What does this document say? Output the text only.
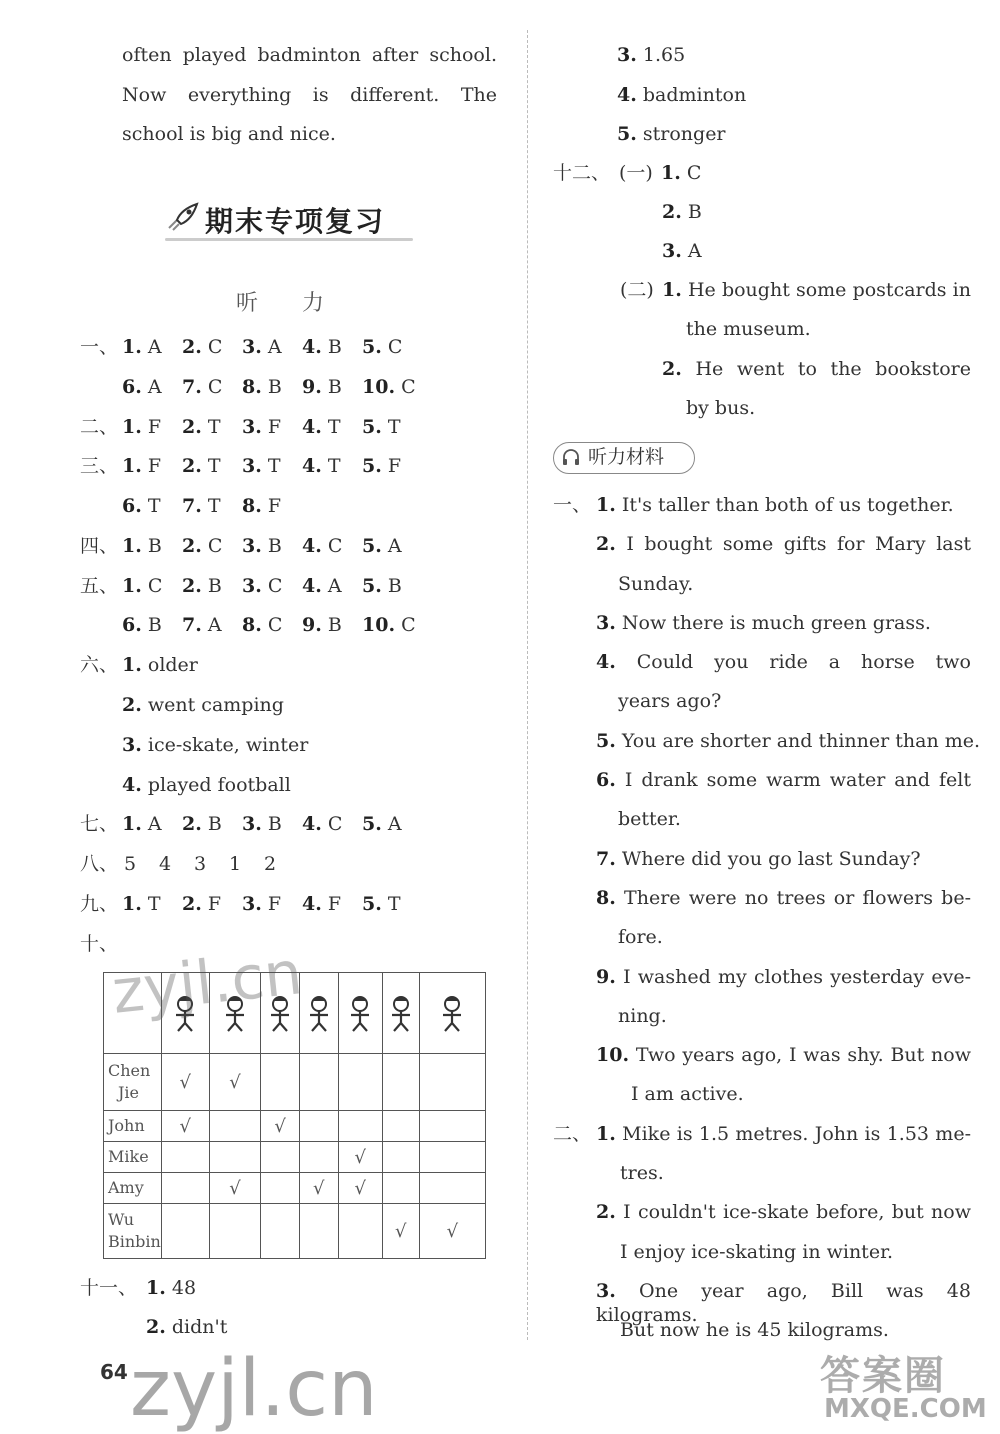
often played badminton after school.
Now everything is different. The
school is big and nice.
一、 1. A 2. C 3. A 4. B 5. C
6. A 7. C 8. B 9. B 10. C
二、 1. F 2. T 3. F 4. T 5. T
三、 1. F 2. T 3. T 4. T 5. F
6. T 7. T 8. F
四、 1. B 2. C 3. B 4. C 5. A
五、 1. C 2. B 3. C 4. A 5. B
6. B 7. A 8. C 9. B 10. C
六、 1. older
2. went camping
3. ice-skate, winter
4. played football
七、 1. A 2. B 3. B 4. C 5. A
八、 5 4 3 1 2
九、 1. T 2. F 3. F 4. F 5. T
十、
十一、 1. 48
2. didn't
期末专项复习
听力

Chen
Jie	√	√					
John	√		√				
Mike					√		
Amy		√		√	√		
Wu
Binbin						√	√
3. 1.65
4. badminton
5. stronger
十二、 (一) 1. C
2. B
3. A
(二) 1. He bought some postcards in
the museum.
2. He went to the bookstore
by bus.
一、 1. It's taller than both of us together.
2. I bought some gifts for Mary last
Sunday.
3. Now there is much green grass.
4. Could you ride a horse two
years ago?
5. You are shorter and thinner than me.
6. I drank some warm water and felt
better.
7. Where did you go last Sunday?
8. There were no trees or flowers be-
fore.
9. I washed my clothes yesterday eve-
ning.
10. Two years ago, I was shy. But now
I am active.
二、 1. Mike is 1.5 metres. John is 1.53 me-
tres.
2. I couldn't ice-skate before, but now
I enjoy ice-skating in winter.
3. One year ago, Bill was 48 kilograms.
But now he is 45 kilograms.
听力材料
zyjl.cn
64 zyjl.cn	答案圈
MXQE.COM
